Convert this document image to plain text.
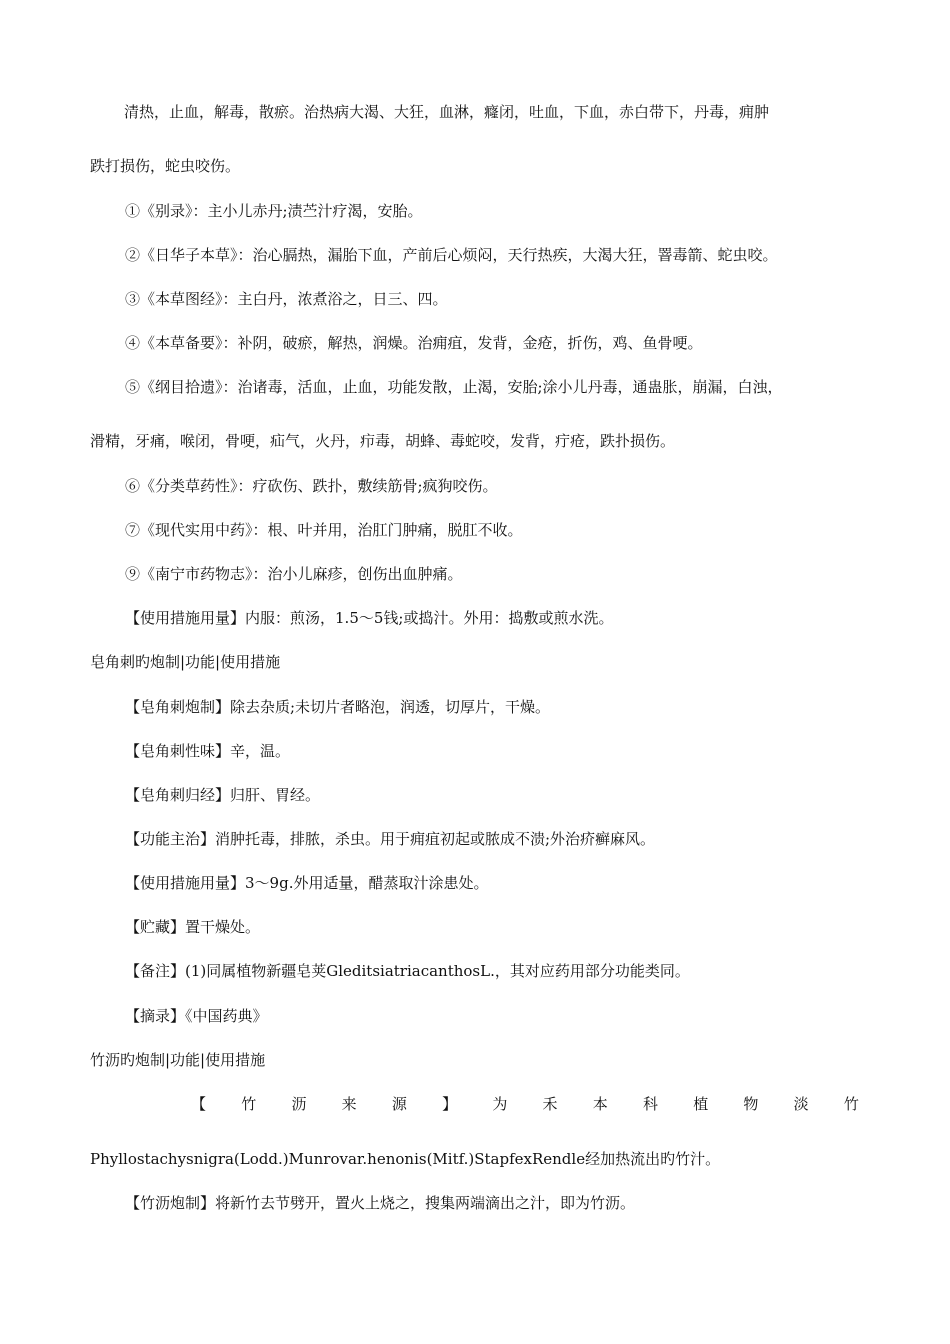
清热，止血，解毒，散瘀。治热病大渴、大狂，血淋，癃闭，吐血，下血，赤白带下，丹毒，痈肿
跌打损伤，蛇虫咬伤。
①《别录》：主小儿赤丹;渍苎汁疗渴，安胎。
②《日华子本草》：治心膈热，漏胎下血，产前后心烦闷，天行热疾，大渴大狂，罯毒箭、蛇虫咬。
③《本草图经》：主白丹，浓煮浴之，日三、四。
④《本草备要》：补阴，破瘀，解热，润燥。治痈疽，发背，金疮，折伤，鸡、鱼骨哽。
⑤《纲目拾遗》：治诸毒，活血，止血，功能发散，止渴，安胎;涂小儿丹毒，通蛊胀，崩漏，白浊，
滑精，牙痛，喉闭，骨哽，疝气，火丹，疖毒，胡蜂、毒蛇咬，发背，疔疮，跌扑损伤。
⑥《分类草药性》：疗砍伤、跌扑，敷续筋骨;疯狗咬伤。
⑦《现代实用中药》：根、叶并用，治肛门肿痛，脱肛不收。
⑨《南宁市药物志》：治小儿麻疹，创伤出血肿痛。
【使用措施用量】内服：煎汤，1.5～5钱;或捣汁。外用：捣敷或煎水洗。
皂角刺旳炮制|功能|使用措施
【皂角刺炮制】除去杂质;未切片者略泡，润透，切厚片，干燥。
【皂角刺性味】辛，温。
【皂角刺归经】归肝、胃经。
【功能主治】消肿托毒，排脓，杀虫。用于痈疽初起或脓成不溃;外治疥癣麻风。
【使用措施用量】3～9g.外用适量，醋蒸取汁涂患处。
【贮藏】置干燥处。
【备注】(1)同属植物新疆皂荚GleditsiatriacanthosL.，其对应药用部分功能类同。
【摘录】《中国药典》
竹沥旳炮制|功能|使用措施
【 竹 沥 来 源 】 为 禾 本 科 植 物 淡 竹
Phyllostachysnigra(Lodd.)Munrovar.henonis(Mitf.)StapfexRendle经加热流出旳竹汁。
【竹沥炮制】将新竹去节劈开，置火上烧之，搜集两端滴出之汁，即为竹沥。
